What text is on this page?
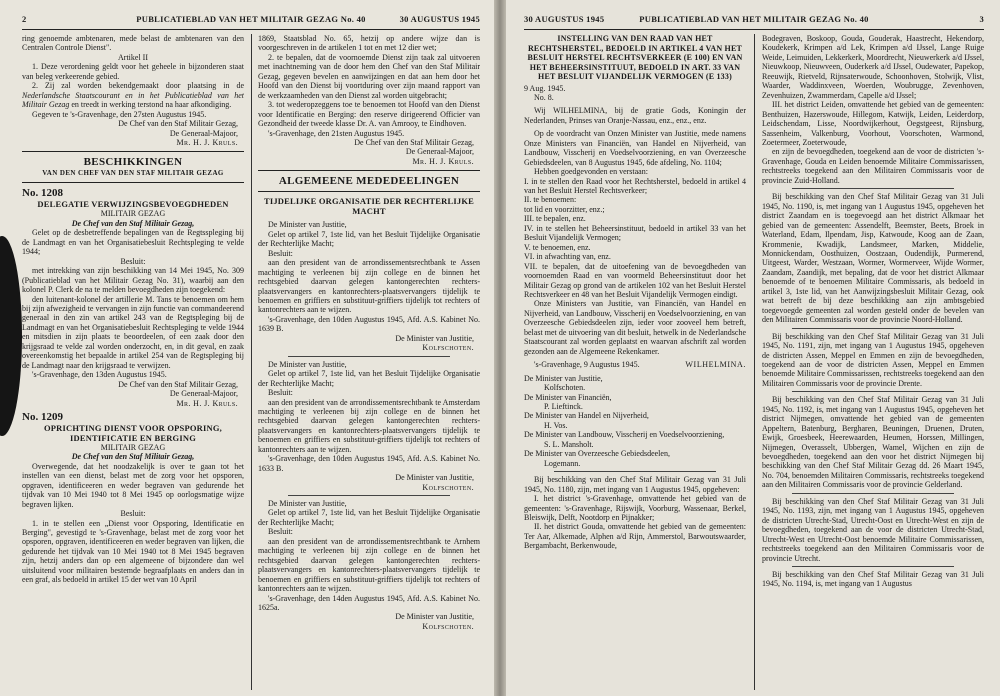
2	PUBLICATIEBLAD VAN HET MILITAIR GEZAG No. 40	30 AUGUSTUS 1945

ring genoemde ambtenaren, mede belast de ambtenaren van den Centralen Controle Dienst".

Artikel II

1. Deze verordening geldt voor het geheele in bijzonderen staat van beleg verkeerende gebied.

2. Zij zal worden bekendgemaakt door plaatsing in de Nederlandsche Staatscourant en in het Publicatieblad van het Militair Gezag en treedt in werking terstond na haar afkondiging.

Gegeven te 's-Gravenhage, den 27sten Augustus 1945.

De Chef van den Staf Militair Gezag,

De Generaal-Majoor,

Mr. H. J. Kruls.

BESCHIKKINGEN
VAN DEN CHEF VAN DEN STAF MILITAIR GEZAG
No. 1208
DELEGATIE VERWIJZINGSBEVOEGDHEDEN

MILITAIR GEZAG

De Chef van den Staf Militair Gezag,

Gelet op de desbetreffende bepalingen van de Regtsspleging bij de Landmagt en van het Organisatiebesluit Rechtspleging te velde 1944;

Besluit:

met intrekking van zijn beschikking van 14 Mei 1945, No. 309 (Publicatieblad van het Militair Gezag No. 31), waarbij aan den kolonel P. Clerk de na te melden bevoegdheden zijn toegekend:

den luitenant-kolonel der artillerie M. Tans te benoemen om hem bij zijn afwezigheid te vervangen in zijn functie van commandeerend generaal in den zin van artikel 243 van de Regtspleging bij de Landmagt en van het Organisatiebesluit Rechtspleging te velde 1944 en mitsdien in zijn plaats te beoordeelen, of een zaak door den krijgsraad te velde zal worden onderzocht, en, in dit geval, en zaak overeenkomstig het bepaalde in artikel 254 van de Regtspleging bij de Landmagt naar den krijgsraad te verwijzen.

's-Gravenhage, den 13den Augustus 1945.

De Chef van den Staf Militair Gezag,

De Generaal-Majoor,

Mr. H. J. Kruls.

No. 1209
OPRICHTING DIENST VOOR OPSPORING, IDENTIFICATIE EN BERGING

MILITAIR GEZAG

De Chef van den Staf Militair Gezag,

Overwegende, dat het noodzakelijk is over te gaan tot het instellen van een dienst, belast met de zorg voor het opsporen, opgraven, identificeeren en weder begraven van gedurende het tijdvak van 10 Mei 1940 tot 8 Mei 1945 op oorlogsmatige wijze begraven lijken.

Besluit:

1. in te stellen een „Dienst voor Opsporing, Identificatie en Berging", gevestigd te 's-Gravenhage, belast met de zorg voor het opsporen, opgraven, identificeeren en weder begraven van lijken, die gedurende het tijdvak van 10 Mei 1940 tot 8 Mei 1945 begraven zijn, hetzij anders dan op een algemeene of bijzondere dan wel uitsluitend voor militairen bestemde begraafplaats en anders dan in een graf, als bedoeld in artikel 15 der wet van 10 April

1869, Staatsblad No. 65, hetzij op andere wijze dan is voorgeschreven in de artikelen 1 tot en met 12 dier wet;

2. te bepalen, dat de voornoemde Dienst zijn taak zal uitvoeren met inachtneming van de door hem den Chef van den Staf Militair Gezag, gegeven bevelen en aanwijzingen en dat aan hem door het Hoofd van den Dienst bij voortduring over zijn maand rapport van de werkzaamheden van den Dienst zal worden uitgebracht;

3. tot wederopzeggens toe te benoemen tot Hoofd van den Dienst voor Identificatie en Berging: den reserve dirigeerend Officier van Gezondheid der tweede klasse Dr. A. van Amrooy, te Eindhoven.

's-Gravenhage, den 21sten Augustus 1945.

De Chef van den Staf Militair Gezag,

De Generaal-Majoor,

Mr. H. J. Kruls.

ALGEMEENE MEDEDEELINGEN
TIJDELIJKE ORGANISATIE DER RECHTERLIJKE MACHT

De Minister van Justitie,

Gelet op artikel 7, 1ste lid, van het Besluit Tijdelijke Organisatie der Rechterlijke Macht;

Besluit:

aan den president van de arrondissementsrechtbank te Assen machtiging te verleenen bij zijn college en de binnen het rechtsgebied daarvan gelegen kantongerechten rechters-plaatsvervangers en kantonrechters-plaatsvervangers tijdelijk te benoemen en griffiers en substituut-griffiers tijdelijk tot rechters of kantonrechters aan te wijzen.

's-Gravenhage, den 10den Augustus 1945, Afd. A.S. Kabinet No. 1639 B.

De Minister van Justitie,

Kolfschoten.

De Minister van Justitie,

Gelet op artikel 7, 1ste lid, van het Besluit Tijdelijke Organisatie der Rechterlijke Macht;

Besluit:

aan den president van de arrondissementsrechtbank te Amsterdam machtiging te verleenen bij zijn college en de binnen het rechtsgebied daarvan gelegen kantongerechten rechters-plaatsvervangers en kantonrechters-plaatsvervangers tijdelijk te benoemen en griffiers en substituut-griffiers tijdelijk tot rechters of kantonrechters aan te wijzen.

's-Gravenhage, den 10den Augustus 1945, Afd. A.S. Kabinet No. 1633 B.

De Minister van Justitie,

Kolfschoten.

De Minister van Justitie,

Gelet op artikel 7, 1ste lid, van het Besluit Tijdelijke Organisatie der Rechterlijke Macht;

Besluit:

aan den president van de arrondissementsrechtbank te Arnhem machtiging te verleenen bij zijn college en de binnen het rechtsgebied daarvan gelegen kantongerechten rechters-plaatsvervangers en kantonrechters-plaatsvervangers tijdelijk te benoemen en griffiers en substituut-griffiers tijdelijk tot rechters of kantonrechters aan te wijzen.

's-Gravenhage, den 14den Augustus 1945, Afd. A.S. Kabinet No. 1625a.

De Minister van Justitie,

Kolfschoten.

30 AUGUSTUS 1945	PUBLICATIEBLAD VAN HET MILITAIR GEZAG No. 40	3
INSTELLING VAN DEN RAAD VAN HET RECHTSHERSTEL, BEDOELD IN ARTIKEL 4 VAN HET BESLUIT HERSTEL RECHTSVERKEER (E 100) EN VAN HET BEHEERSINSTITUUT, BEDOELD IN ART. 33 VAN HET BESLUIT VIJANDELIJK VERMOGEN (E 133)

9 Aug. 1945.

No. 8.

Wij WILHELMINA, bij de gratie Gods, Koningin der Nederlanden, Prinses van Oranje-Nassau, enz., enz., enz.

Op de voordracht van Onzen Minister van Justitie, mede namens Onze Ministers van Financiën, van Handel en Nijverheid, van Landbouw, Visscherij en Voedselvoorziening, en van Overzeesche Gebiedsdeelen, van 8 Augustus 1945, 6de afdeling, No. 1104;

Hebben goedgevonden en verstaan:

I. in te stellen den Raad voor het Rechtsherstel, bedoeld in artikel 4 van het Besluit Herstel Rechtsverkeer;

II. te benoemen:

tot lid en voorzitter, enz.;

III. te bepalen, enz.

IV. in te stellen het Beheersinstituut, bedoeld in artikel 33 van het Besluit Vijandelijk Vermogen;

V. te benoemen, enz.

VI. in afwachting van, enz.

VII. te bepalen, dat de uitoefening van de bevoegdheden van voornoemden Raad en van voormeld Beheersinstituut door het Militair Gezag op grond van de artikelen 102 van het Besluit Herstel Rechtsverkeer en 48 van het Besluit Vijandelijk Vermogen eindigt.

Onze Ministers van Justitie, van Financiën, van Handel en Nijverheid, van Landbouw, Visscherij en Voedselvoorziening, en van Overzeesche Gebiedsdeelen zijn, ieder voor zooveel hem betreft, belast met de uitvoering van dit besluit, hetwelk in de Nederlandsche Staatscourant zal worden geplaatst en waarvan afschrift zal worden gezonden aan de Algemeene Rekenkamer.

's-Gravenhage, 9 Augustus 1945.	WILHELMINA.

De Minister van Justitie,

Kolfschoten.

De Minister van Financiën,

P. Lieftinck.

De Minister van Handel en Nijverheid,

H. Vos.

De Minister van Landbouw, Visscherij en Voedselvoorziening,

S. L. Mansholt.

De Minister van Overzeesche Gebiedsdeelen,

Logemann.

Bij beschikking van den Chef Staf Militair Gezag van 31 Juli 1945, No. 1180, zijn, met ingang van 1 Augustus 1945, opgeheven:

I. het district 's-Gravenhage, omvattende het gebied van de gemeenten: 's-Gravenhage, Rijswijk, Voorburg, Wassenaar, Berkel, Bleiswijk, Delft, Nootdorp en Pijnakker;

II. het district Gouda, omvattende het gebied van de gemeenten: Ter Aar, Alkemade, Alphen a/d Rijn, Ammerstol, Barwoutswaarder, Bergambacht, Berkenwoude,

Bodegraven, Boskoop, Gouda, Gouderak, Haastrecht, Hekendorp, Koudekerk, Krimpen a/d Lek, Krimpen a/d IJssel, Lange Ruige Weide, Leimuiden, Lekkerkerk, Moordrecht, Nieuwerkerk a/d IJssel, Nieuwkoop, Nieuwveen, Ouderkerk a/d IJssel, Oudewater, Papekop, Reeuwijk, Rietveld, Rijnsaterwoude, Schoonhoven, Stolwijk, Vlist, Waarder, Waddinxveen, Woerden, Woubrugge, Zevenhoven, Zevenhuizen, Zwammerdam, Capelle a/d IJssel;

III. het district Leiden, omvattende het gebied van de gemeenten: Benthuizen, Hazerswoude, Hillegom, Katwijk, Leiden, Leiderdorp, Leidschendam, Lisse, Noordwijkerhout, Oegstgeest, Rijnsburg, Sassenheim, Valkenburg, Voorhout, Voorschoten, Warmond, Zoetermeer, Zoeterwoude,

en zijn de bevoegdheden, toegekend aan de voor de districten 's-Gravenhage, Gouda en Leiden benoemde Militaire Commissarissen, rechtstreeks toegekend aan den Militairen Commissaris voor de provincie Zuid-Holland.

Bij beschikking van den Chef Staf Militair Gezag van 31 Juli 1945, No. 1190, is, met ingang van 1 Augustus 1945, opgeheven het district Zaandam en is toegevoegd aan het district Alkmaar het gebied van de gemeenten: Assendelft, Beemster, Beets, Broek in Waterland, Edam, Ilpendam, Jisp, Katwoude, Koog aan de Zaan, Krommenie, Kwadijk, Landsmeer, Marken, Middelie, Monnickendam, Oosthuizen, Oostzaan, Oudendijk, Purmerend, Uitgeest, Warder, Westzaan, Wormer, Wormerveer, Wijde Wormer, Zaandam, Zaandijk, met bepaling, dat de voor het district Alkmaar benoemde of te benoemen Militaire Commissaris, als bedoeld in artikel 3, 1ste lid, van het Aanwijzingsbesluit Militair Gezag, ook wat betreft de bij deze beschikking aan zijn ambtsgebied toegevoegde gemeenten zal worden gesteld onder de bevelen van den Militairen Commissaris voor de provincie Noord-Holland.

Bij beschikking van den Chef Staf Militair Gezag van 31 Juli 1945, No. 1191, zijn, met ingang van 1 Augustus 1945, opgeheven de districten Assen, Meppel en Emmen en zijn de bevoegdheden, toegekend aan de voor de districten Assen, Meppel en Emmen benoemde Militaire Commissarissen, rechtstreeks toegekend aan den Militairen Commissaris voor de provincie Drente.

Bij beschikking van den Chef Staf Militair Gezag van 31 Juli 1945, No. 1192, is, met ingang van 1 Augustus 1945, opgeheven het district Nijmegen, omvattende het gebied van de gemeenten Appeltern, Batenburg, Bergharen, Beuningen, Druenen, Druten, Ewijk, Groesbeek, Heerewaarden, Heumen, Horssen, Millingen, Nijmegen, Overasselt, Ubbergen, Wamel, Wijchen en zijn de bevoegdheden, toegekend aan den voor het district Nijmegen bij beschikking van den Chef Staf Militair Gezag dd. 26 Maart 1945, No. 704, benoemden Militairen Commissaris, rechtstreeks toegekend aan den Militairen Commissaris voor de provincie Gelderland.

Bij beschikking van den Chef Staf Militair Gezag van 31 Juli 1945, No. 1193, zijn, met ingang van 1 Augustus 1945, opgeheven de districten Utrecht-Stad, Utrecht-Oost en Utrecht-West en zijn de bevoegdheden, toegekend aan de voor de districten Utrecht-Stad, Utrecht-West en Utrecht-Oost benoemde Militaire Commissarissen, rechtstreeks toegekend aan den Militairen Commissaris voor de provincie Utrecht.

Bij beschikking van den Chef Staf Militair Gezag van 31 Juli 1945, No. 1194, is, met ingang van 1 Augustus
